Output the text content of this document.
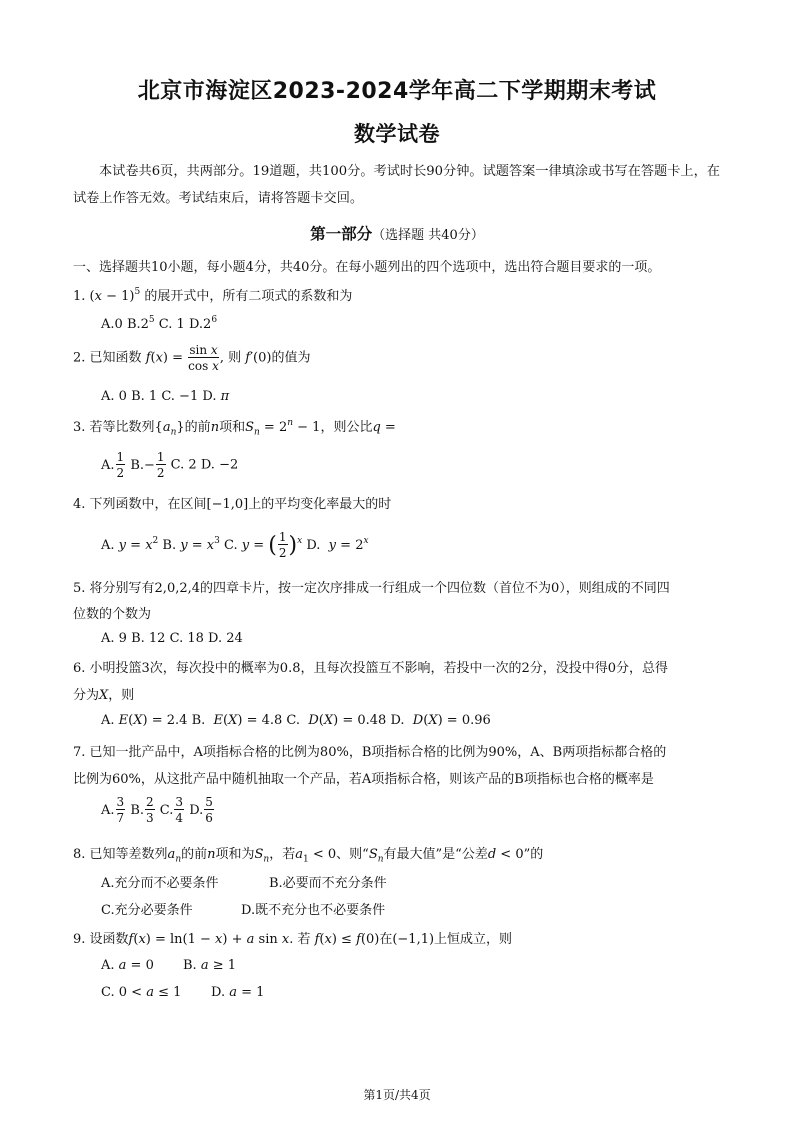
北京市海淀区2023-2024学年高二下学期期末考试
数学试卷
本试卷共6页，共两部分。19道题，共100分。考试时长90分钟。试题答案一律填涂或书写在答题卡上，在试卷上作答无效。考试结束后，请将答题卡交回。
第一部分（选择题 共40分）
一、选择题共10小题，每小题4分，共40分。在每小题列出的四个选项中，选出符合题目要求的一项。
1. $(x - 1)^5$ 的展开式中，所有二项式的系数和为
A.0 $B.2^5$ C. 1 $D.2^6$
2. 已知函数 $f(x) = \frac{\text{sin x}}{\text{cos x}}$ , 则 f′(0)的值为
A. 0 B. 1 C. −1 D. π
3. 若等比数列$\{a_n\}$的前n项和$S_n = 2^n - 1$，则公比q =
A. $\frac{1}{2} B.- \frac{1}{2} C$. 2 D. −2
4. 下列函数中，在区间[−1,0]上的平均变化率最大的时
A. $y = x^2$ B. $y = x^3$ C. y = ( $\frac{1}{2} )^x$ D.  $y = 2^x$
5. 将分别写有2,0,2,4的四章卡片，按一定次序排成一行组成一个四位数（首位不为0），则组成的不同四
位数的个数为
A. 9 B. 12 C. 18 D. 24
6. 小明投篮3次，每次投中的概率为0.8，且每次投篮互不影响，若投中一次的2分，没投中得0分，总得
分为X，则
A. E(X) = 2.4 B.  E(X) = 4.8 C.  D(X) = 0.48 D.  D(X) = 0.96
7. 已知一批产品中，A项指标合格的比例为80%，B项指标合格的比例为90%，A、B两项指标都合格的
比例为60%，从这批产品中随机抽取一个产品，若A项指标合格，则该产品的B项指标也合格的概率是
A. $\frac{3}{7} B$. $\frac{2}{3} C$. $\frac{3}{4} D$. $\frac{5}{6}$
8. 已知等差数列$a_n$的前n项和为$S_n$，若$a_1 < 0$、则“$S_n$有最大值”是“公差d < 0”的
A.充分而不必要条件	B.必要而不充分条件
C.充分必要条件	D.既不充分也不必要条件
9. 设函数f(x) = ln(1 − x) + a sin x. 若 f(x) ≤ f(0)在(−1,1)上恒成立，则
A. a = 0 B. a ≥ 1
C. 0 < a ≤ 1 D. a = 1
第1页/共4页
